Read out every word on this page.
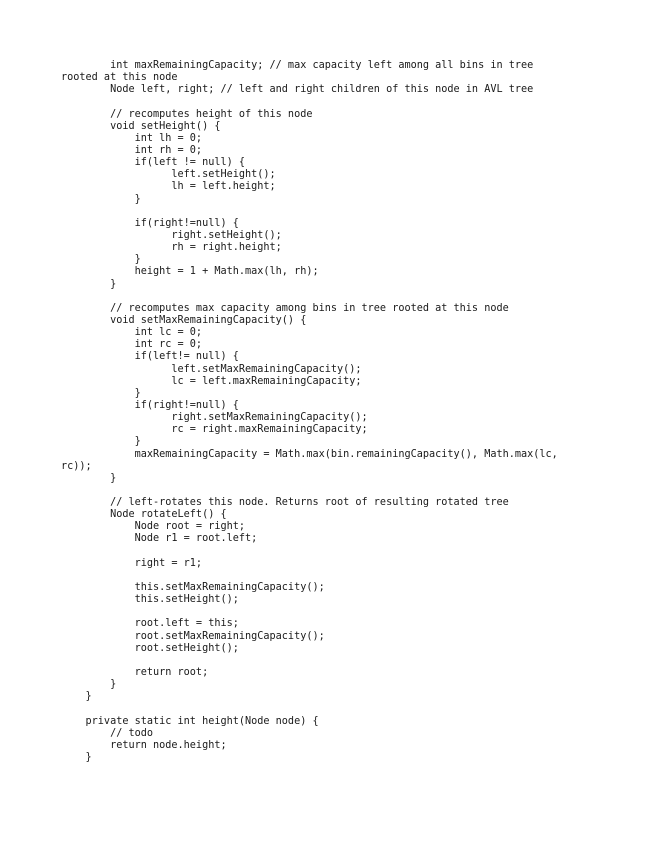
int maxRemainingCapacity; // max capacity left among all bins in tree
rooted at this node
Node left, right; // left and right children of this node in AVL tree
// recomputes height of this node
void setHeight() {
int lh = 0;
int rh = 0;
if(left != null) {
left.setHeight();
lh = left.height;
}
if(right!=null) {
right.setHeight();
rh = right.height;
}
height = 1 + Math.max(lh, rh);
}
// recomputes max capacity among bins in tree rooted at this node
void setMaxRemainingCapacity() {
int lc = 0;
int rc = 0;
if(left!= null) {
left.setMaxRemainingCapacity();
lc = left.maxRemainingCapacity;
}
if(right!=null) {
right.setMaxRemainingCapacity();
rc = right.maxRemainingCapacity;
}
maxRemainingCapacity = Math.max(bin.remainingCapacity(), Math.max(lc,
rc));
}
// left-rotates this node. Returns root of resulting rotated tree
Node rotateLeft() {
Node root = right;
Node r1 = root.left;
right = r1;
this.setMaxRemainingCapacity();
this.setHeight();
root.left = this;
root.setMaxRemainingCapacity();
root.setHeight();
return root;
}
}
private static int height(Node node) {
// todo
return node.height;
}
